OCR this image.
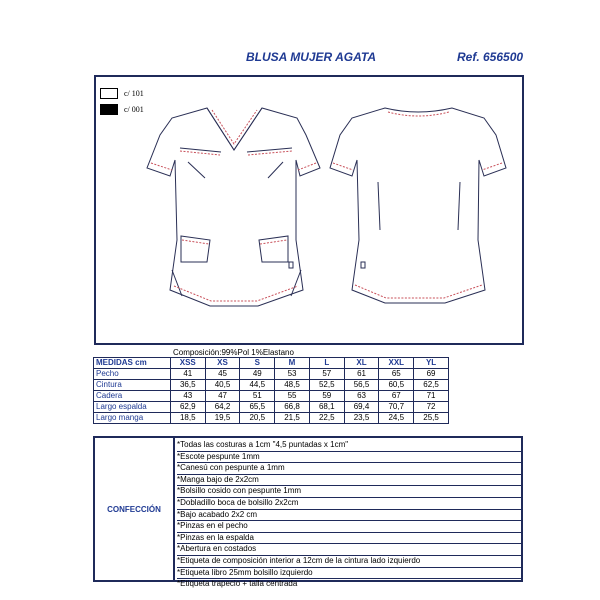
BLUSA MUJER AGATA	Ref. 656500
c/ 101
c/ 001
Composición:99%Pol 1%Elastano
MEDIDAS cm	XSS	XS	S	M	L	XL	XXL	YL
Pecho	41	45	49	53	57	61	65	69
Cintura	36,5	40,5	44,5	48,5	52,5	56,5	60,5	62,5
Cadera	43	47	51	55	59	63	67	71
Largo espalda	62,9	64,2	65,5	66,8	68,1	69,4	70,7	72
Largo manga	18,5	19,5	20,5	21,5	22,5	23,5	24,5	25,5
CONFECCIÓN
*Todas las costuras a 1cm "4,5 puntadas x 1cm"
*Escote pespunte 1mm
*Canesú con pespunte a 1mm
*Manga bajo de 2x2cm
*Bolsillo cosido con pespunte 1mm
*Dobladillo boca de bolsillo 2x2cm
*Bajo acabado 2x2 cm
*Pinzas en el pecho
*Pinzas en la espalda
*Abertura en costados
*Etiqueta de composición interior a 12cm de la cintura lado izquierdo
*Etiqueta libro 25mm bolsillo izquierdo
*Etiqueta trapecio + talla centrada
